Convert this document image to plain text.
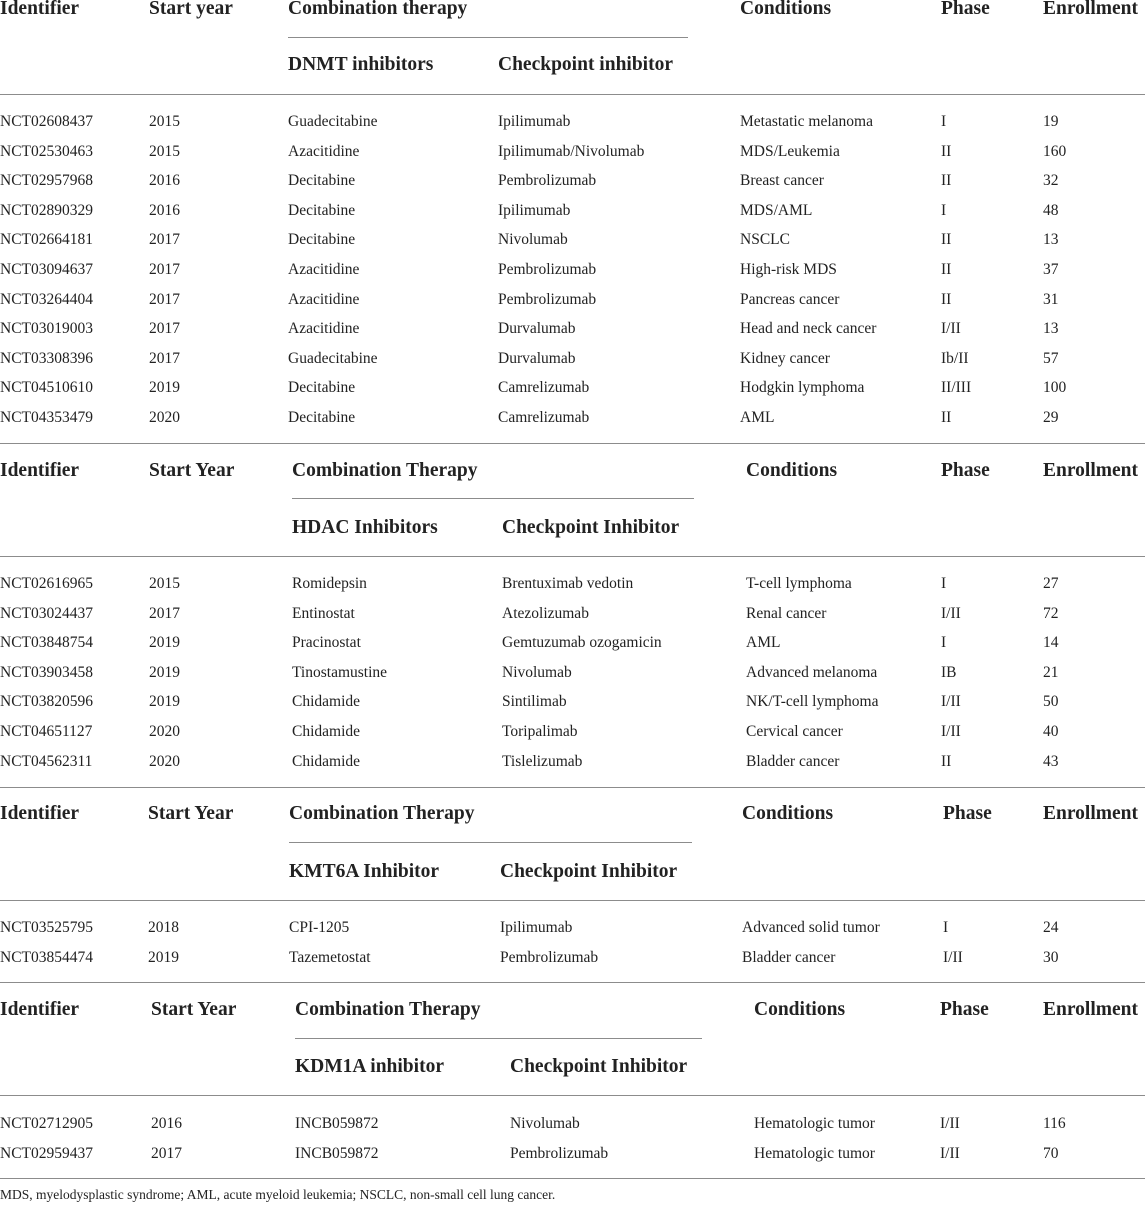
Identifier	Start year	Combination therapy	Conditions	Phase	Enrollment
DNMT inhibitors	Checkpoint inhibitor
NCT02608437	2015	Guadecitabine	Ipilimumab	Metastatic melanoma	I	19
NCT02530463	2015	Azacitidine	Ipilimumab/Nivolumab	MDS/Leukemia	II	160
NCT02957968	2016	Decitabine	Pembrolizumab	Breast cancer	II	32
NCT02890329	2016	Decitabine	Ipilimumab	MDS/AML	I	48
NCT02664181	2017	Decitabine	Nivolumab	NSCLC	II	13
NCT03094637	2017	Azacitidine	Pembrolizumab	High-risk MDS	II	37
NCT03264404	2017	Azacitidine	Pembrolizumab	Pancreas cancer	II	31
NCT03019003	2017	Azacitidine	Durvalumab	Head and neck cancer	I/II	13
NCT03308396	2017	Guadecitabine	Durvalumab	Kidney cancer	Ib/II	57
NCT04510610	2019	Decitabine	Camrelizumab	Hodgkin lymphoma	II/III	100
NCT04353479	2020	Decitabine	Camrelizumab	AML	II	29
Identifier	Start Year	Combination Therapy	Conditions	Phase	Enrollment
HDAC Inhibitors	Checkpoint Inhibitor
NCT02616965	2015	Romidepsin	Brentuximab vedotin	T-cell lymphoma	I	27
NCT03024437	2017	Entinostat	Atezolizumab	Renal cancer	I/II	72
NCT03848754	2019	Pracinostat	Gemtuzumab ozogamicin	AML	I	14
NCT03903458	2019	Tinostamustine	Nivolumab	Advanced melanoma	IB	21
NCT03820596	2019	Chidamide	Sintilimab	NK/T-cell lymphoma	I/II	50
NCT04651127	2020	Chidamide	Toripalimab	Cervical cancer	I/II	40
NCT04562311	2020	Chidamide	Tislelizumab	Bladder cancer	II	43
Identifier	Start Year	Combination Therapy	Conditions	Phase	Enrollment
KMT6A Inhibitor	Checkpoint Inhibitor
NCT03525795	2018	CPI-1205	Ipilimumab	Advanced solid tumor	I	24
NCT03854474	2019	Tazemetostat	Pembrolizumab	Bladder cancer	I/II	30
Identifier	Start Year	Combination Therapy	Conditions	Phase	Enrollment
KDM1A inhibitor	Checkpoint Inhibitor
NCT02712905	2016	INCB059872	Nivolumab	Hematologic tumor	I/II	116
NCT02959437	2017	INCB059872	Pembrolizumab	Hematologic tumor	I/II	70
MDS, myelodysplastic syndrome; AML, acute myeloid leukemia; NSCLC, non-small cell lung cancer.
